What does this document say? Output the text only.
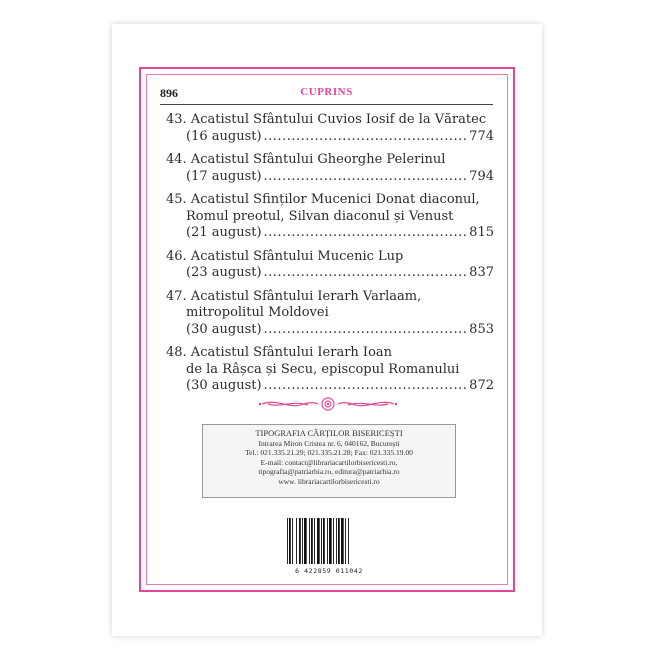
896	CUPRINS
43. Acatistul Sfântului Cuvios Iosif de la Văratec
(16 august) .....	774
44. Acatistul Sfântului Gheorghe Pelerinul
(17 august) .....	794
45. Acatistul Sfinților Mucenici Donat diaconul,
Romul preotul, Silvan diaconul și Venust
(21 august) .....	815
46. Acatistul Sfântului Mucenic Lup
(23 august) .....	837
47. Acatistul Sfântului Ierarh Varlaam,
mitropolitul Moldovei
(30 august) .....	853
48. Acatistul Sfântului Ierarh Ioan
de la Râșca și Secu, episcopul Romanului
(30 august) .....	872
TIPOGRAFIA CĂRȚILOR BISERICEȘTI
Intrarea Miron Cristea nr. 6, 040162, București
Tel.: 021.335.21.29; 021.335.21.28; Fax: 021.335.19.00
E-mail: contact@librariacartilorbisericesti.ro,
tipografia@patriarhia.ro, editura@patriarhia.ro
www. librariacartilorbisericesti.ro
6 422859 011042
